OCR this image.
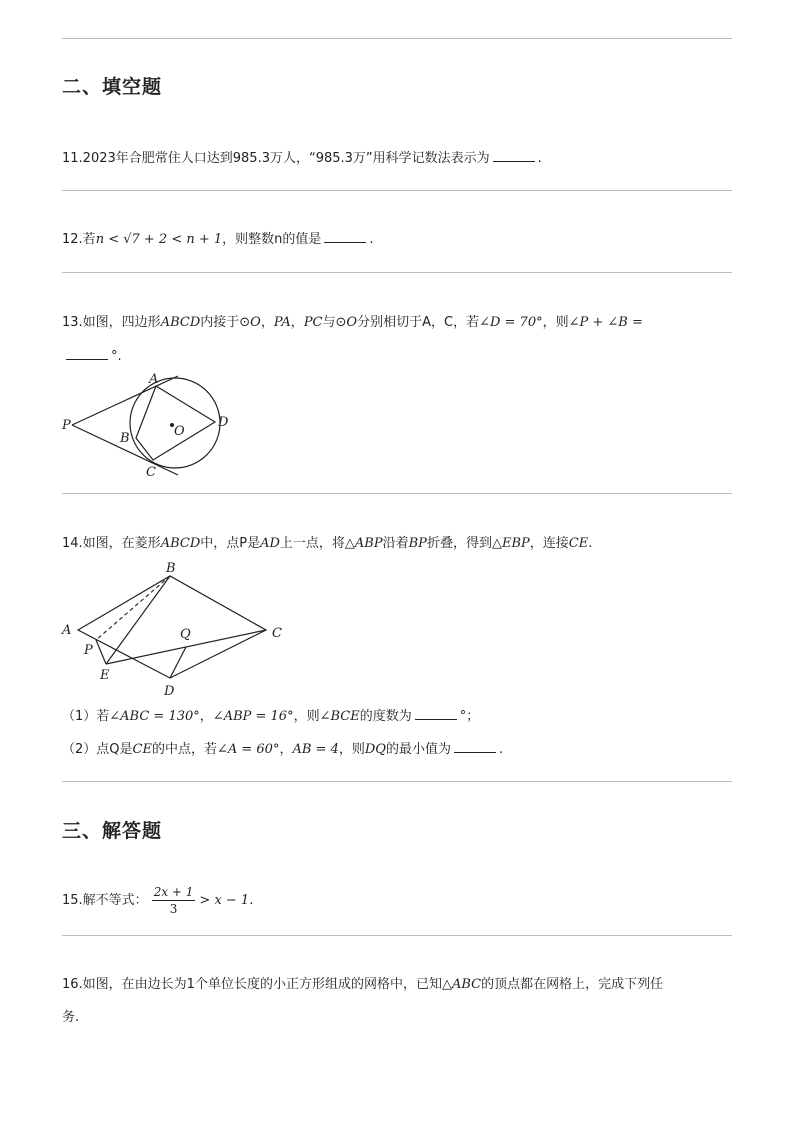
二、填空题
11.2023年合肥常住人口达到985.3万人，“985.3万”用科学记数法表示为	.
12.若n < √7 + 2 < n + 1，则整数n的值是	.
13.如图，四边形ABCD内接于⊙O，PA，PC与⊙O分别相切于A，C，若∠D = 70°，则∠P + ∠B =
°.
A
B
C
D
P	O
14.如图，在菱形ABCD中，点P是AD上一点，将△ABP沿着BP折叠，得到△EBP，连接CE.
A
B
C
D
P
Q
E
（1）若∠ABC = 130°，∠ABP = 16°，则∠BCE的度数为	°；
（2）点Q是CE的中点，若∠A = 60°，AB = 4，则DQ的最小值为	.
三、解答题
15.解不等式： $\frac{2x + 1}{3} > x - 1$.
16.如图，在由边长为1个单位长度的小正方形组成的网格中，已知△ABC的顶点都在网格上，完成下列任
务.
